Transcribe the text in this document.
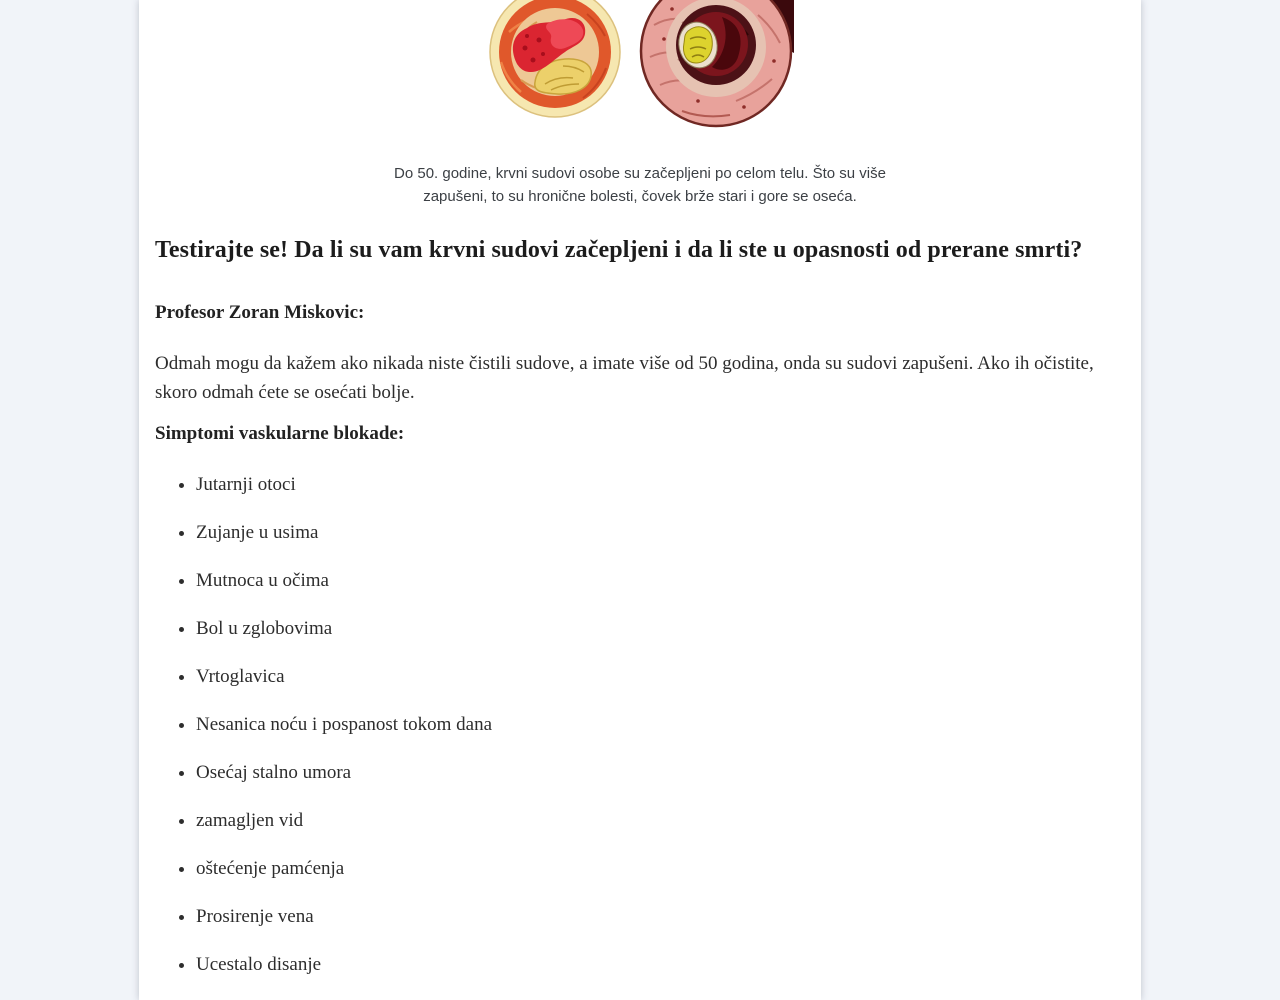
Do 50. godine, krvni sudovi osobe su začepljeni po celom telu. Što su više zapušeni, to su hronične bolesti, čovek brže stari i gore se oseća.
Testirajte se! Da li su vam krvni sudovi začepljeni i da li ste u opasnosti od prerane smrti?
Profesor Zoran Miskovic:

Odmah mogu da kažem ako nikada niste čistili sudove, a imate više od 50 godina, onda su sudovi zapušeni. Ako ih očistite, skoro odmah ćete se osećati bolje.

Simptomi vaskularne blokade:
• Jutarnji otoci
• Zujanje u usima
• Mutnoca u očima
• Bol u zglobovima
• Vrtoglavica
• Nesanica noću i pospanost tokom dana
• Osećaj stalno umora
• zamagljen vid
• oštećenje pamćenja
• Prosirenje vena
• Ucestalo disanje
